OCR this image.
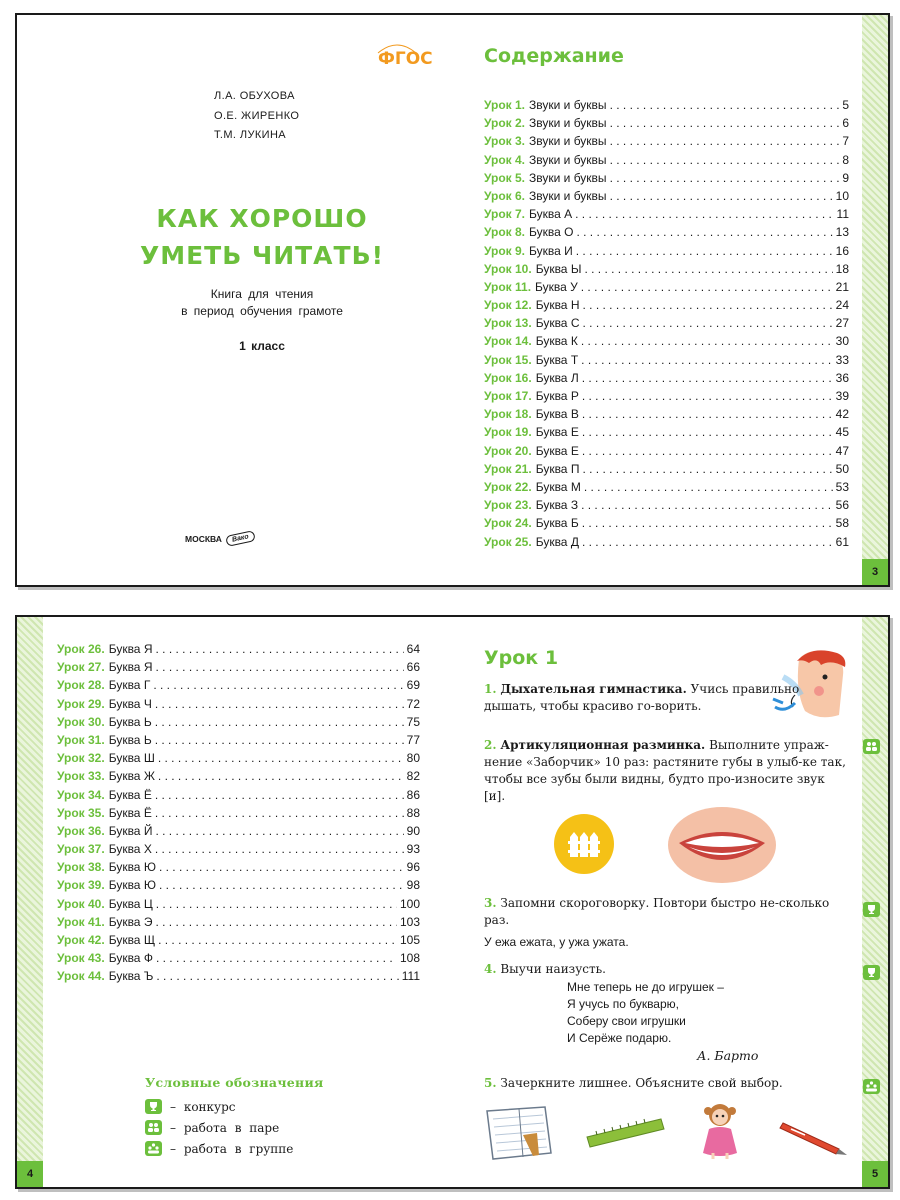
3
ФГОС
Л.А. ОБУХОВА
О.Е. ЖИРЕНКО
Т.М. ЛУКИНА
КАК ХОРОШО
УМЕТЬ ЧИТАТЬ!
Книга для чтения
в период обучения грамоте
1 класс
МОСКВА	Вако
Содержание
Урок 1. Звуки и буквы . . .	5
Урок 2. Звуки и буквы . . .	6
Урок 3. Звуки и буквы . . .	7
Урок 4. Звуки и буквы . . .	8
Урок 5. Звуки и буквы . . .	9
Урок 6. Звуки и буквы . . .	10
Урок 7. Буква А . . .	11
Урок 8. Буква О . . .	13
Урок 9. Буква И . . .	16
Урок 10. Буква Ы . . .	18
Урок 11. Буква У . . .	21
Урок 12. Буква Н . . .	24
Урок 13. Буква С . . .	27
Урок 14. Буква К . . .	30
Урок 15. Буква Т . . .	33
Урок 16. Буква Л . . .	36
Урок 17. Буква Р . . .	39
Урок 18. Буква В . . .	42
Урок 19. Буква Е . . .	45
Урок 20. Буква Е . . .	47
Урок 21. Буква П . . .	50
Урок 22. Буква М . . .	53
Урок 23. Буква З . . .	56
Урок 24. Буква Б . . .	58
Урок 25. Буква Д . . .	61
4	5
Урок 26. Буква Я . . .	64
Урок 27. Буква Я . . .	66
Урок 28. Буква Г . . .	69
Урок 29. Буква Ч . . .	72
Урок 30. Буква Ь . . .	75
Урок 31. Буква Ь . . .	77
Урок 32. Буква Ш . . .	80
Урок 33. Буква Ж . . .	82
Урок 34. Буква Ё . . .	86
Урок 35. Буква Ё . . .	88
Урок 36. Буква Й . . .	90
Урок 37. Буква Х . . .	93
Урок 38. Буква Ю . . .	96
Урок 39. Буква Ю . . .	98
Урок 40. Буква Ц . . .	100
Урок 41. Буква Э . . .	103
Урок 42. Буква Щ . . .	105
Урок 43. Буква Ф . . .	108
Урок 44. Буква Ъ . . .	111
Условные обозначения
– конкурс
– работа в паре
– работа в группе
Урок 1
1. Дыхательная гимнастика. Учись правильно дышать, чтобы красиво го-ворить.
2. Артикуляционная разминка. Выполните упраж-нение «Заборчик» 10 раз: растяните губы в улыб-ке так, чтобы все зубы были видны, будто про-износите звук [и].
3. Запомни скороговорку. Повтори быстро не-сколько раз.
У ежа ежата, у ужа ужата.
4. Выучи наизусть.
Мне теперь не до игрушек –
Я учусь по букварю,
Соберу свои игрушки
И Серёже подарю.
А. Барто
5. Зачеркните лишнее. Объясните свой выбор.
